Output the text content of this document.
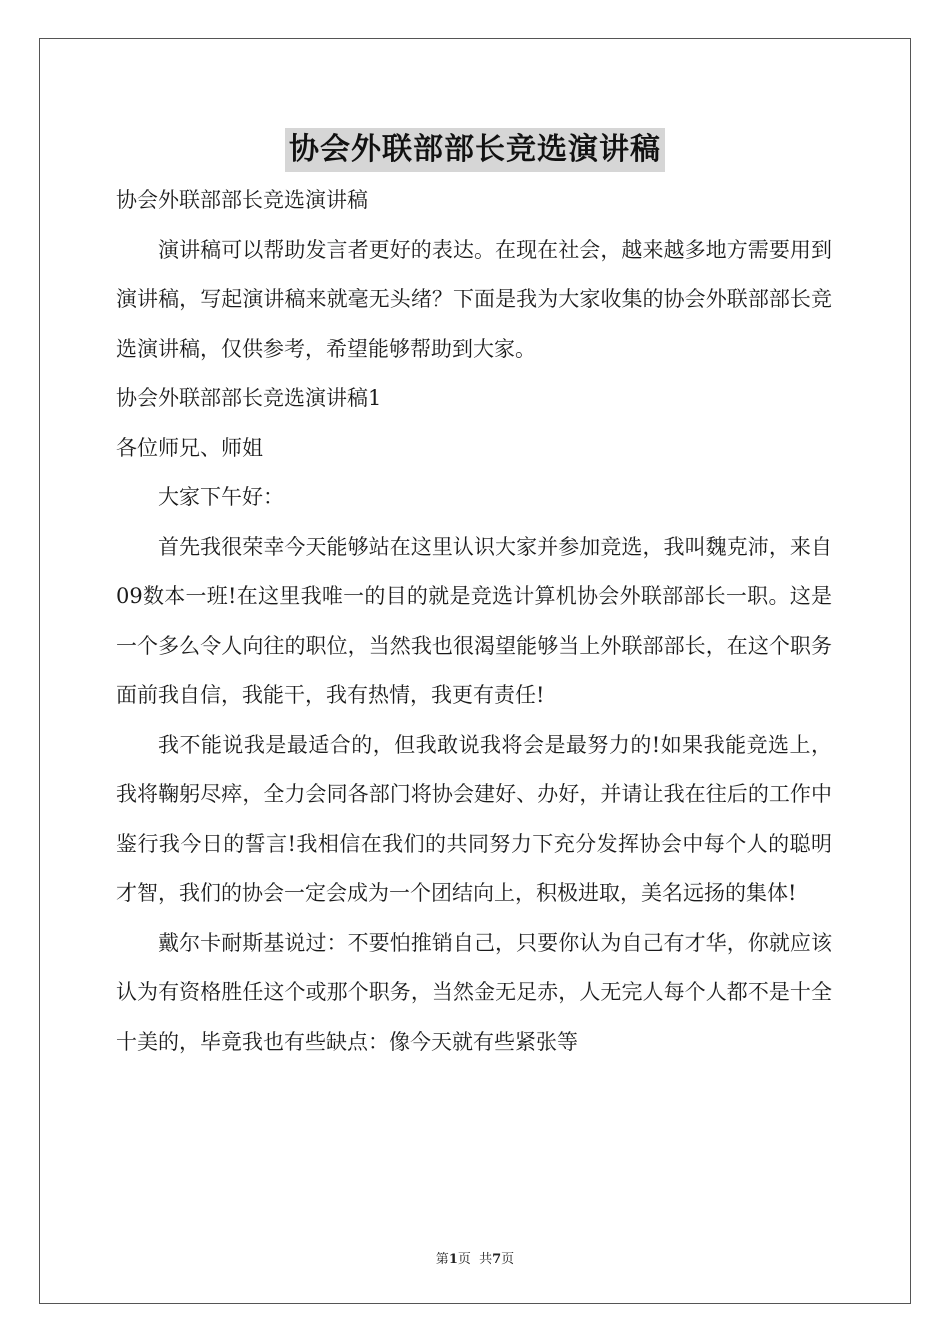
协会外联部部长竞选演讲稿

协会外联部部长竞选演讲稿

演讲稿可以帮助发言者更好的表达。在现在社会，越来越多地方需要用到演讲稿，写起演讲稿来就毫无头绪？下面是我为大家收集的协会外联部部长竞选演讲稿，仅供参考，希望能够帮助到大家。

协会外联部部长竞选演讲稿1

各位师兄、师姐

大家下午好：

首先我很荣幸今天能够站在这里认识大家并参加竞选，我叫魏克沛，来自09数本一班!在这里我唯一的目的就是竞选计算机协会外联部部长一职。这是一个多么令人向往的职位，当然我也很渴望能够当上外联部部长，在这个职务面前我自信，我能干，我有热情，我更有责任!

我不能说我是最适合的，但我敢说我将会是最努力的!如果我能竞选上，我将鞠躬尽瘁，全力会同各部门将协会建好、办好，并请让我在往后的工作中鉴行我今日的誓言!我相信在我们的共同努力下充分发挥协会中每个人的聪明才智，我们的协会一定会成为一个团结向上，积极进取，美名远扬的集体!

戴尔卡耐斯基说过：不要怕推销自己，只要你认为自己有才华，你就应该认为有资格胜任这个或那个职务，当然金无足赤，人无完人每个人都不是十全十美的，毕竟我也有些缺点：像今天就有些紧张等

第1页  共7页
